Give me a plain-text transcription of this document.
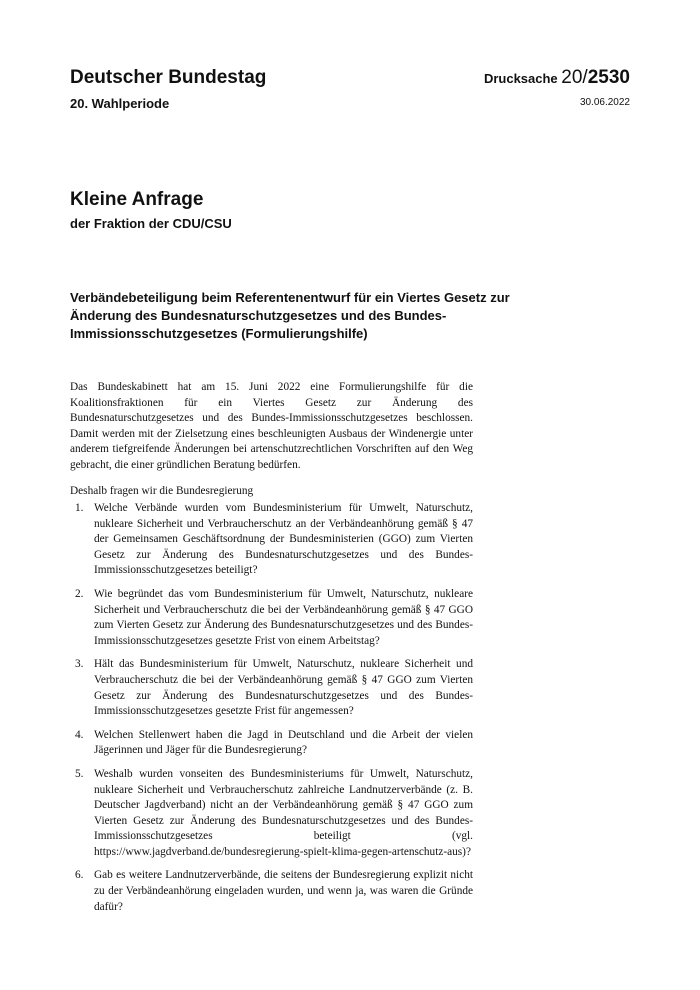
Deutscher Bundestag
20. Wahlperiode
Drucksache 20/2530
30.06.2022
Kleine Anfrage
der Fraktion der CDU/CSU
Verbändebeteiligung beim Referentenentwurf für ein Viertes Gesetz zur Änderung des Bundesnaturschutzgesetzes und des Bundes-Immissionsschutzgesetzes (Formulierungshilfe)
Das Bundeskabinett hat am 15. Juni 2022 eine Formulierungshilfe für die Koalitionsfraktionen für ein Viertes Gesetz zur Änderung des Bundesnaturschutzgesetzes und des Bundes-Immissionsschutzgesetzes beschlossen. Damit werden mit der Zielsetzung eines beschleunigten Ausbaus der Windenergie unter anderem tiefgreifende Änderungen bei artenschutzrechtlichen Vorschriften auf den Weg gebracht, die einer gründlichen Beratung bedürfen.
Deshalb fragen wir die Bundesregierung
1. Welche Verbände wurden vom Bundesministerium für Umwelt, Naturschutz, nukleare Sicherheit und Verbraucherschutz an der Verbändeanhörung gemäß § 47 der Gemeinsamen Geschäftsordnung der Bundesministerien (GGO) zum Vierten Gesetz zur Änderung des Bundesnaturschutzgesetzes und des Bundes-Immissionsschutzgesetzes beteiligt?
2. Wie begründet das vom Bundesministerium für Umwelt, Naturschutz, nukleare Sicherheit und Verbraucherschutz die bei der Verbändeanhörung gemäß § 47 GGO zum Vierten Gesetz zur Änderung des Bundesnaturschutzgesetzes und des Bundes-Immissionsschutzgesetzes gesetzte Frist von einem Arbeitstag?
3. Hält das Bundesministerium für Umwelt, Naturschutz, nukleare Sicherheit und Verbraucherschutz die bei der Verbändeanhörung gemäß § 47 GGO zum Vierten Gesetz zur Änderung des Bundesnaturschutzgesetzes und des Bundes-Immissionsschutzgesetzes gesetzte Frist für angemessen?
4. Welchen Stellenwert haben die Jagd in Deutschland und die Arbeit der vielen Jägerinnen und Jäger für die Bundesregierung?
5. Weshalb wurden vonseiten des Bundesministeriums für Umwelt, Naturschutz, nukleare Sicherheit und Verbraucherschutz zahlreiche Landnutzerverbände (z. B. Deutscher Jagdverband) nicht an der Verbändeanhörung gemäß § 47 GGO zum Vierten Gesetz zur Änderung des Bundesnaturschutzgesetzes und des Bundes-Immissionsschutzgesetzes beteiligt (vgl. https://www.jagdverband.de/bundesregierung-spielt-klima-gegen-artenschutz-aus)?
6. Gab es weitere Landnutzerverbände, die seitens der Bundesregierung explizit nicht zu der Verbändeanhörung eingeladen wurden, und wenn ja, was waren die Gründe dafür?
